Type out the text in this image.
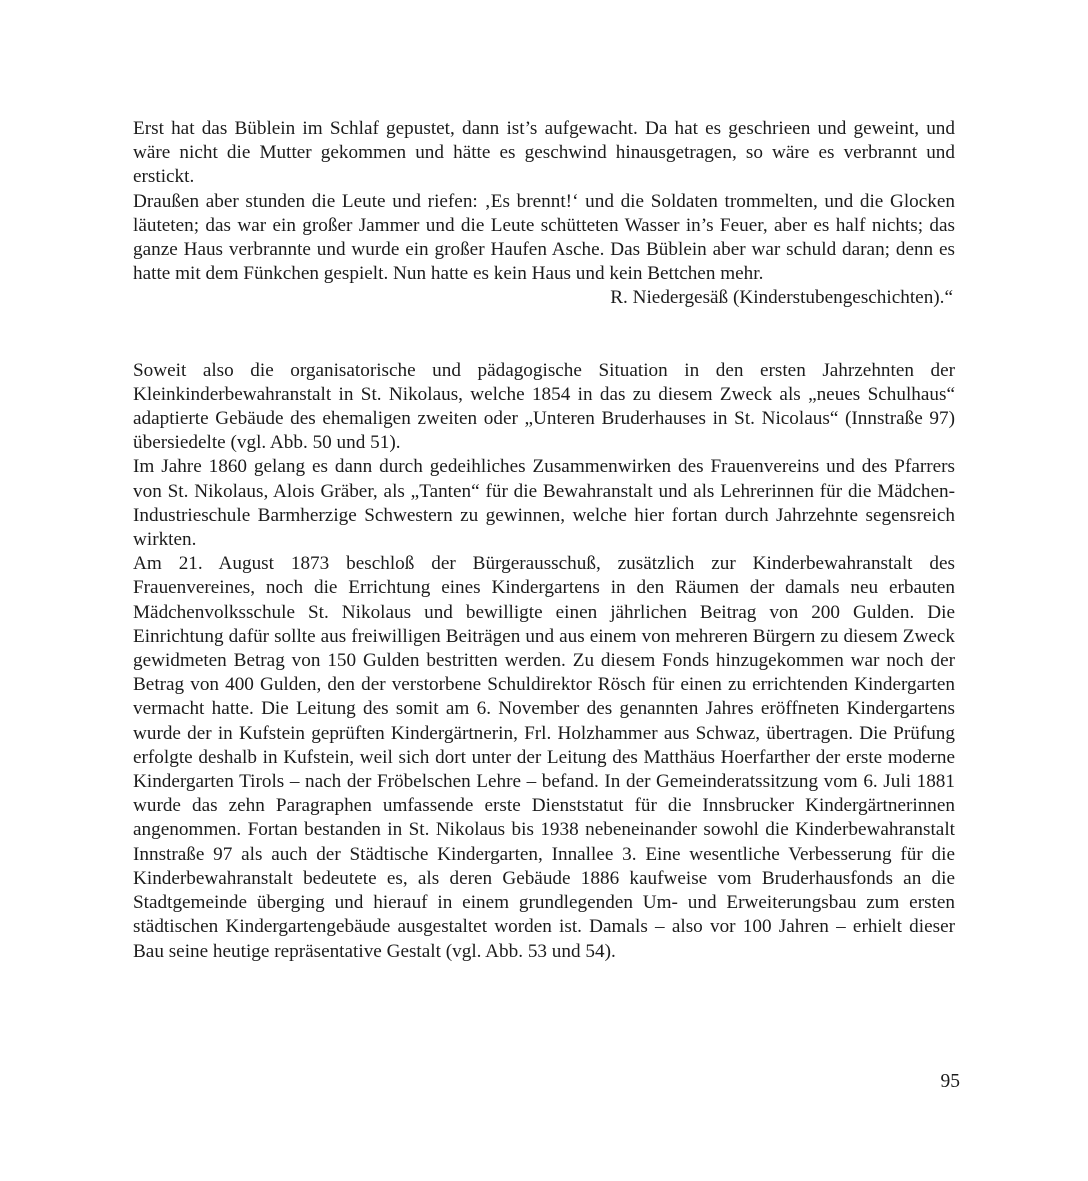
Erst hat das Büblein im Schlaf gepustet, dann ist’s aufgewacht. Da hat es geschrieen und geweint, und wäre nicht die Mutter gekommen und hätte es geschwind hinausgetragen, so wäre es verbrannt und erstickt.

Draußen aber stunden die Leute und riefen: ‚Es brennt!‘ und die Soldaten trommelten, und die Glocken läuteten; das war ein großer Jammer und die Leute schütteten Wasser in’s Feuer, aber es half nichts; das ganze Haus verbrannte und wurde ein großer Haufen Asche. Das Büblein aber war schuld daran; denn es hatte mit dem Fünkchen gespielt. Nun hatte es kein Haus und kein Bettchen mehr.

R. Niedergesäß (Kinderstubengeschichten).“

Soweit also die organisatorische und pädagogische Situation in den ersten Jahrzehnten der Kleinkinderbewahranstalt in St. Nikolaus, welche 1854 in das zu diesem Zweck als „neues Schulhaus“ adaptierte Gebäude des ehemaligen zweiten oder „Unteren Bruderhauses in St. Nicolaus“ (Innstraße 97) übersiedelte (vgl. Abb. 50 und 51).

Im Jahre 1860 gelang es dann durch gedeihliches Zusammenwirken des Frauenvereins und des Pfarrers von St. Nikolaus, Alois Gräber, als „Tanten“ für die Bewahranstalt und als Lehrerinnen für die Mädchen-Industrieschule Barmherzige Schwestern zu gewinnen, welche hier fortan durch Jahrzehnte segensreich wirkten.

Am 21. August 1873 beschloß der Bürgerausschuß, zusätzlich zur Kinderbewahranstalt des Frauenvereines, noch die Errichtung eines Kindergartens in den Räumen der damals neu erbauten Mädchenvolksschule St. Nikolaus und bewilligte einen jährlichen Beitrag von 200 Gulden. Die Einrichtung dafür sollte aus freiwilligen Beiträgen und aus einem von mehreren Bürgern zu diesem Zweck gewidmeten Betrag von 150 Gulden bestritten werden. Zu diesem Fonds hinzugekommen war noch der Betrag von 400 Gulden, den der verstorbene Schuldirektor Rösch für einen zu errichtenden Kindergarten vermacht hatte. Die Leitung des somit am 6. November des genannten Jahres eröffneten Kindergartens wurde der in Kufstein geprüften Kindergärtnerin, Frl. Holzhammer aus Schwaz, übertragen. Die Prüfung erfolgte deshalb in Kufstein, weil sich dort unter der Leitung des Matthäus Hoerfarther der erste moderne Kindergarten Tirols – nach der Fröbelschen Lehre – befand. In der Gemeinderatssitzung vom 6. Juli 1881 wurde das zehn Paragraphen umfassende erste Dienststatut für die Innsbrucker Kindergärtnerinnen angenommen. Fortan bestanden in St. Nikolaus bis 1938 nebeneinander sowohl die Kinderbewahranstalt Innstraße 97 als auch der Städtische Kindergarten, Innallee 3. Eine wesentliche Verbesserung für die Kinderbewahranstalt bedeutete es, als deren Gebäude 1886 kaufweise vom Bruderhausfonds an die Stadtgemeinde überging und hierauf in einem grundlegenden Um- und Erweiterungsbau zum ersten städtischen Kindergartengebäude ausgestaltet worden ist. Damals – also vor 100 Jahren – erhielt dieser Bau seine heutige repräsentative Gestalt (vgl. Abb. 53 und 54).

95
